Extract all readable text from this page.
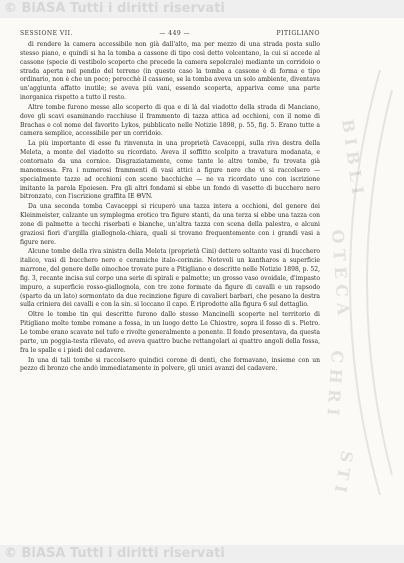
© BiASA Tutti i diritti riservati
SESSIONE VII.	— 449 —	PITIGLIANO

di rendere la camera accessibile non già dall'alto, ma per mezzo di una strada posta sullo stesso piano, e quindi si ha la tomba a cassone di tipo così detto volcentano, la cui si accede al cassone (specie di vestibolo scoperto che precede la camera sepolcrale) mediante un corridoio o strada aperta nel pendio del terreno (in questo caso la tomba a cassone è di forma e tipo ordinario, non è che un poco; perocchè il cassone, se la tomba aveva un solo ambiente, diventava un'aggiunta affatto inutile; se aveva più vani, essendo scoperta, appariva come una parte inorganica rispetto a tutto il resto.

Altre tombe furono messe allo scoperto di qua e di là dal viadotto della strada di Manciano, dove gli scavi esaminando racchiuse il frammento di tazza attica ad occhioni, con il nome di Brachas e col nome del favorito Lykos, pubblicato nelle Notizie 1898, p. 55, fig. 5. Erano tutte a camera semplice, accessibile per un corridoio.

La più importante di esse fu rinvenuta in una proprietà Cavaceppi, sulla riva destra della Meleta, a monte del viadotto su ricordato. Aveva il soffitto scolpito a travatura modanata, e contornato da una cornice. Disgraziatamente, come tante le altre tombe, fu trovata già manomessa. Fra i numerosi frammenti di vasi attici a figure nere che vi si raccolsero — specialmente tazze ad occhioni con scene bacchiche — ne va ricordato uno con iscrizione imitante la parola Epoiesen. Fra gli altri fondami si ebbe un fondo di vasetto di bucchero nero bitronzato, con l'iscrizione graffita ΙΕ ΘVN.

Da una seconda tomba Cavaceppi si ricuperò una tazza intera a occhioni, del genere dei Kleinmeister, calzante un symplegma erotico tra figure stanti, da una terza si ebbe una tazza con zone di palmette a tecchi riserbati e bianche, un'altra tazza con scena della palestra, e alcuni graziosi fiori d'argilla giallognola-chiara, quali si trovano frequentemente con i grandi vasi a figure nere.

Alcune tombe della riva sinistra della Meleta (proprietà Cini) dettero soltanto vasi di bucchero italico, vasi di bucchero nero e ceramiche italo-corinzie. Notevoli un kantharos a superficie marrone, del genere delle oinochoe trovate pure a Pitigliano e descritte nelle Notizie 1898, p. 52, fig. 3, recante incisa sul corpo una serie di spirali e palmette; un grosso vaso ovoidale, d'impasto impuro, a superficie rosso-giallognola, con tre zone formate da figure di cavalli e un rapsodo (sparto da un lato) sormontato da due recinzione figure di cavalieri barbari, che pesano la destra sulla criniera dei cavalli e con la sin. si loccano il capo. È riprodotte alla figura 6 sul dettaglio.

Oltre le tombe tin qui descritte furono dallo stesso Mancinelli scoperte nel territorio di Pitigliano molte tombe romane a fossa, in un luogo detto Le Chiostre, sopra il fosso di s. Pietro. Le tombe erano scavate nel tufo e rivolte generalmente a ponente. Il fondo presentava, da questa parte, un poggia-testa rilevato, ed aveva quattro buche rettangolari ai quattro angoli della fossa, fra le spalle e i piedi del cadavere.

In una di tali tombe si raccolsero quindici corone di denti, che formavano, insieme con un pezzo di bronzo che andò immediatamente in polvere, gli unici avanzi del cadavere.

B I B L I
O T E C A
C H R I
S T I
© BiASA Tutti i diritti riservati
